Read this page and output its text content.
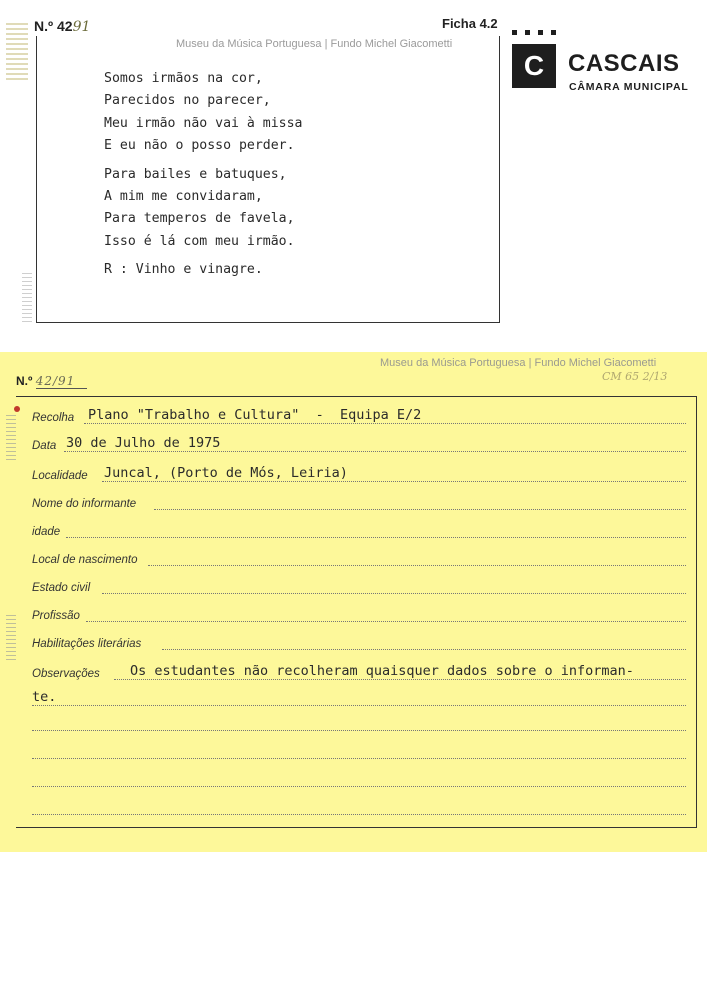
N.º 4291	Ficha 4.2
Museu da Música Portuguesa | Fundo Michel Giacometti
Somos irmãos na cor,
Parecidos no parecer,
Meu irmão não vai à missa
E eu não o posso perder.
Para bailes e batuques,
A mim me convidaram,
Para temperos de favela,
Isso é lá com meu irmão.
R : Vinho e vinagre.
C CASCAIS
CÂMARA MUNICIPAL
Museu da Música Portuguesa | Fundo Michel Giacometti
CM 65 2/13
N.º 42/91
Recolha Plano "Trabalho e Cultura"  -  Equipa E/2
Data 30 de Julho de 1975
Localidade Juncal, (Porto de Mós, Leiria)
Nome do informante
idade
Local de nascimento
Estado civil
Profissão
Habilitações literárias
Observações Os estudantes não recolheram quaisquer dados sobre o informan-
te.
